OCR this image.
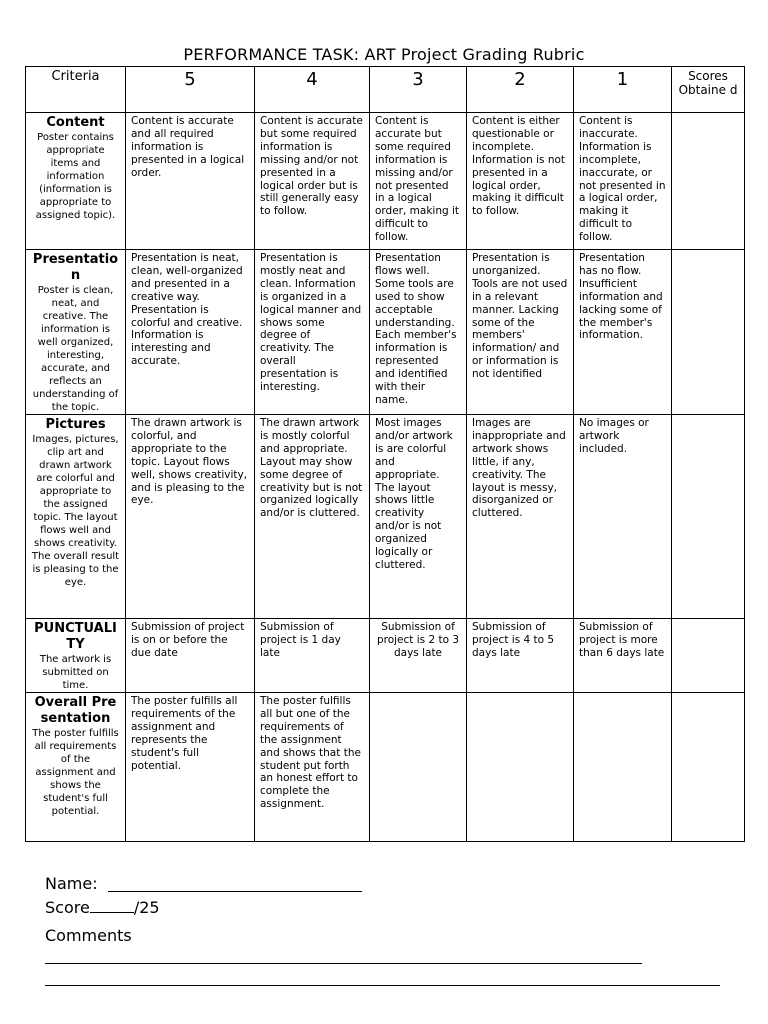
PERFORMANCE TASK: ART Project Grading Rubric
Criteria	5	4	3	2	1	Scores Obtaine d

Content
Poster contains appropriate items and information (information is appropriate to assigned topic).	Content is accurate and all required information is presented in a logical order.	Content is accurate but some required information is missing and/or not presented in a logical order but is still generally easy to follow.	Content is accurate but some required information is missing and/or not presented in a logical order, making it difficult to follow.	Content is either questionable or incomplete. Information is not presented in a logical order, making it difficult to follow.	Content is inaccurate. Information is incomplete, inaccurate, or not presented in a logical order, making it difficult to follow.	

Presentation
Poster is clean, neat, and creative. The information is well organized, interesting, accurate, and reflects an understanding of the topic.	Presentation is neat, clean, well-organized and presented in a creative way. Presentation is colorful and creative. Information is interesting and accurate.	Presentation is mostly neat and clean. Information is organized in a logical manner and shows some degree of creativity. The overall presentation is interesting.	Presentation flows well. Some tools are used to show acceptable understanding. Each member's information is represented and identified with their name.	Presentation is unorganized. Tools are not used in a relevant manner. Lacking some of the members' information/ and or information is not identified	Presentation has no flow. Insufficient information and lacking some of the member's information.	

Pictures
Images, pictures, clip art and drawn artwork are colorful and appropriate to the assigned topic. The layout flows well and shows creativity. The overall result is pleasing to the eye.	The drawn artwork is colorful, and appropriate to the topic. Layout flows well, shows creativity, and is pleasing to the eye.	The drawn artwork is mostly colorful and appropriate. Layout may show some degree of creativity but is not organized logically and/or is cluttered.	Most images and/or artwork is are colorful and appropriate. The layout shows little creativity and/or is not organized logically or cluttered.	Images are inappropriate and artwork shows little, if any, creativity. The layout is messy, disorganized or cluttered.	No images or artwork included.	

PUNCTUALITY
The artwork is submitted on time.	Submission of project is on or before the due date	Submission of project is 1 day late	Submission of project is 2 to 3 days late	Submission of project is 4 to 5 days late	Submission of project is more than 6 days late	

Overall Presentation
The poster fulfills all requirements of the assignment and shows the student's full potential.	The poster fulfills all requirements of the assignment and represents the student's full potential.	The poster fulfills all but one of the requirements of the assignment and shows that the student put forth an honest effort to complete the assignment.				
Name:
Score	/25
Comments
